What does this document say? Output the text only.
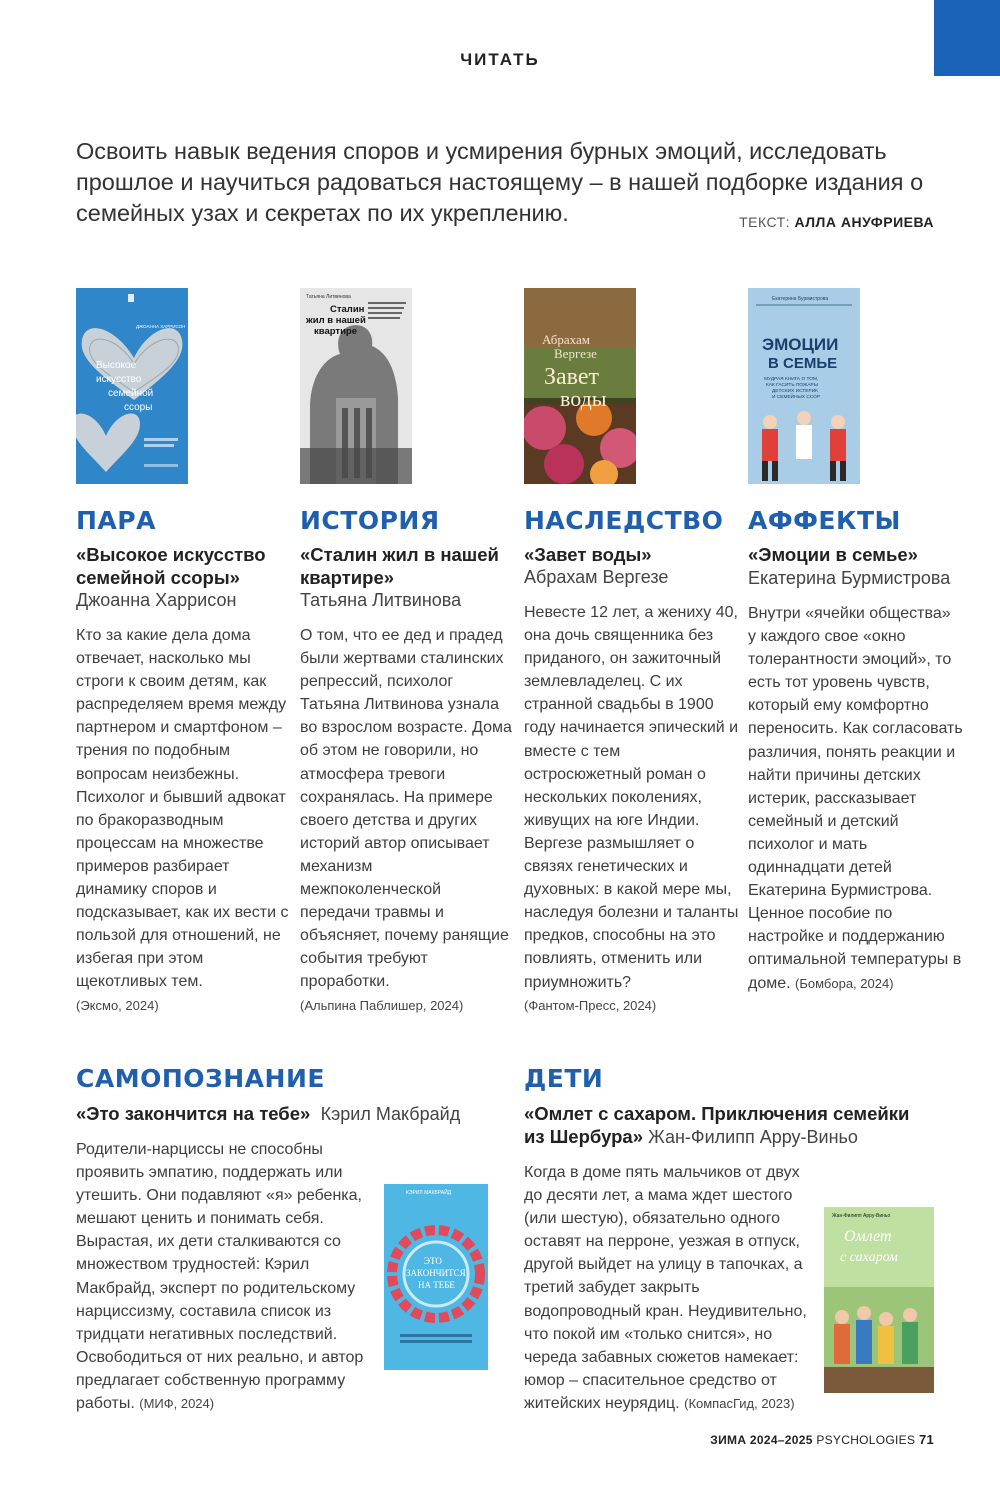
ЧИТАТЬ
Освоить навык ведения споров и усмирения бурных эмоций, исследовать прошлое и научиться радоваться настоящему – в нашей подборке издания о семейных узах и секретах по их укреплению.	ТЕКСТ: АЛЛА АНУФРИЕВА
ДЖОАННА ХАРРИСОН
Высокое
искусство
семейной
ссоры
ПАРА
«Высокое искусство семейной ссоры»
Джоанна Харрисон
Кто за какие дела дома отвечает, насколько мы строги к своим детям, как распределяем время между партнером и смартфоном – трения по подобным вопросам неизбежны. Психолог и бывший адвокат по бракоразводным процессам на множестве примеров разбирает динамику споров и подсказывает, как их вести с пользой для отношений, не избегая при этом щекотливых тем.
(Эксмо, 2024)
Татьяна Литвинова
Сталин
жил в нашей
квартире
ИСТОРИЯ
«Сталин жил в нашей квартире»
Татьяна Литвинова
О том, что ее дед и прадед были жертвами сталинских репрессий, психолог Татьяна Литвинова узнала во взрослом возрасте. Дома об этом не говорили, но атмосфера тревоги сохранялась. На примере своего детства и других историй автор описывает механизм межпоколенческой передачи травмы и объясняет, почему ранящие события требуют проработки.
(Альпина Паблишер, 2024)
Абрахам
Вергезе
Завет
воды
НАСЛЕДСТВО
«Завет воды»
Абрахам Вергезе
Невесте 12 лет, а жениху 40, она дочь священника без приданого, он зажиточный землевладелец. С их странной свадьбы в 1900 году начинается эпический и вместе с тем остросюжетный роман о нескольких поколениях, живущих на юге Индии. Вергезе размышляет о связях генетических и духовных: в какой мере мы, наследуя болезни и таланты предков, способны на это повлиять, отменить или приумножить?
(Фантом-Пресс, 2024)
Екатерина Бурмистрова
ЭМОЦИИ
В СЕМЬЕ
МУДРАЯ КНИГА О ТОМ,
КАК ГАСИТЬ ПОЖАРЫ
ДЕТСКИХ ИСТЕРИК
И СЕМЕЙНЫХ ССОР
АФФЕКТЫ
«Эмоции в семье» Екатерина Бурмистрова
Внутри «ячейки общества» у каждого свое «окно толерантности эмоций», то есть тот уровень чувств, который ему комфортно переносить. Как согласовать различия, понять реакции и найти причины детских истерик, рассказывает семейный и детский психолог и мать одиннадцати детей Екатерина Бурмистрова. Ценное пособие по настройке и поддержанию оптимальной температуры в доме. (Бомбора, 2024)
САМОПОЗНАНИЕ
«Это закончится на тебе» Кэрил Макбрайд
КЭРИЛ МАКБРАЙД
ЭТО
ЗАКОНЧИТСЯ
НА ТЕБЕ
Родители-нарциссы не способны проявить эмпатию, поддержать или утешить. Они подавляют «я» ребенка, мешают ценить и понимать себя. Вырастая, их дети сталкиваются со множеством трудностей: Кэрил Макбрайд, эксперт по родительскому нарциссизму, составила список из тридцати негативных последствий. Освободиться от них реально, и автор предлагает собственную программу работы. (МИФ, 2024)
ДЕТИ
«Омлет с сахаром. Приключения семейки из Шербура» Жан-Филипп Арру-Виньо
Жан-Филипп Арру-Виньо
Омлет
с сахаром
Когда в доме пять мальчиков от двух до десяти лет, а мама ждет шестого (или шестую), обязательно одного оставят на перроне, уезжая в отпуск, другой выйдет на улицу в тапочках, а третий забудет закрыть водопроводный кран. Неудивительно, что покой им «только снится», но череда забавных сюжетов намекает: юмор – спасительное средство от житейских неурядиц. (КомпасГид, 2023)
ЗИМА 2024–2025 PSYCHOLOGIES 71
